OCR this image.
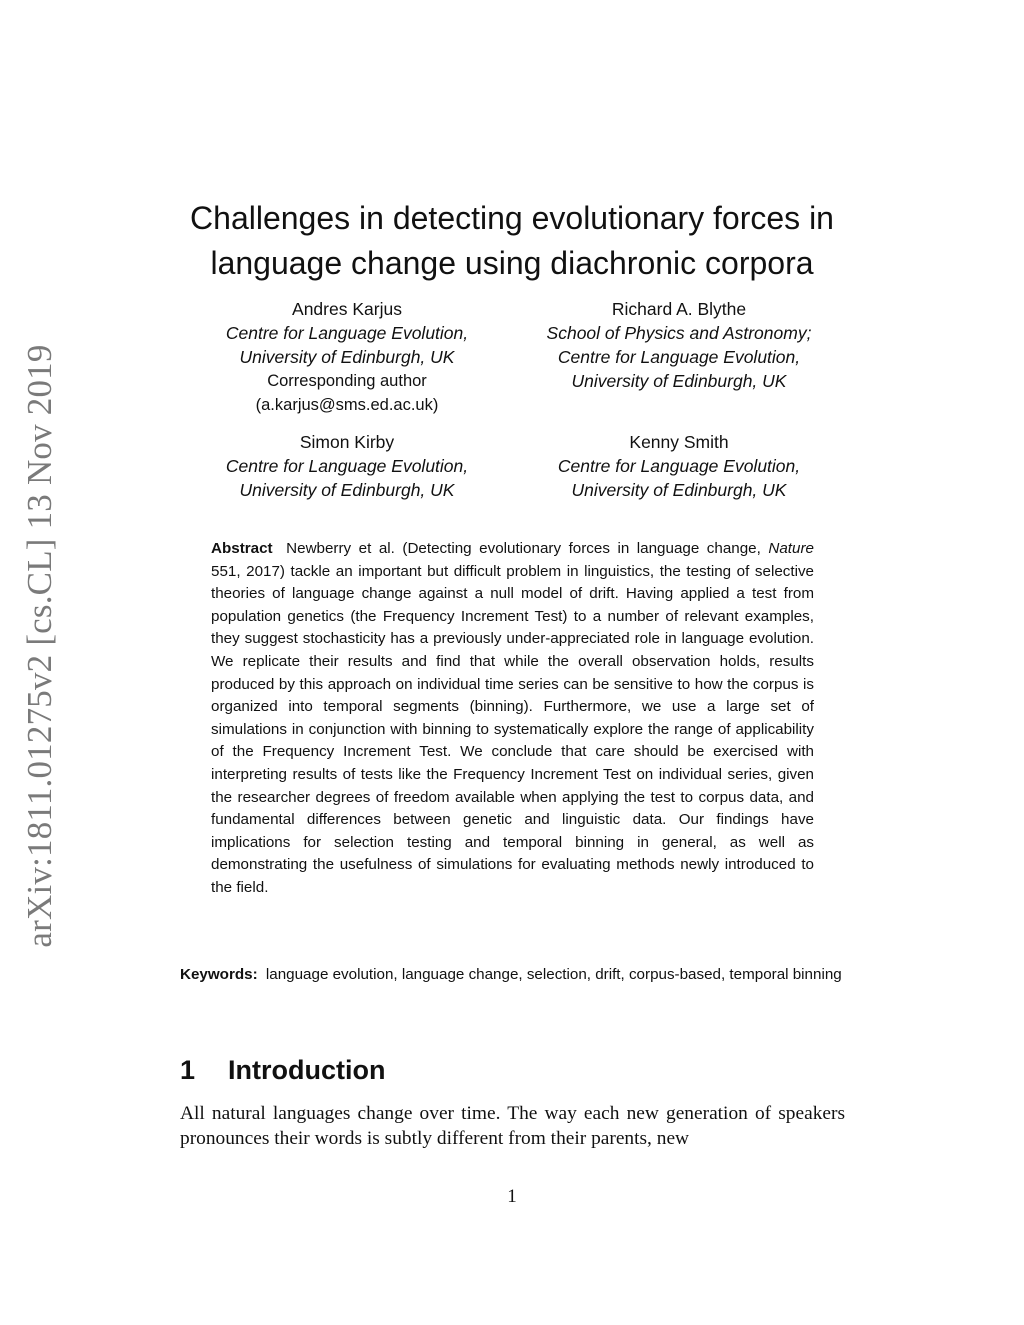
arXiv:1811.01275v2 [cs.CL] 13 Nov 2019
Challenges in detecting evolutionary forces in language change using diachronic corpora
Andres Karjus
Centre for Language Evolution,
University of Edinburgh, UK
Corresponding author
(a.karjus@sms.ed.ac.uk)
Richard A. Blythe
School of Physics and Astronomy;
Centre for Language Evolution,
University of Edinburgh, UK
Simon Kirby
Centre for Language Evolution,
University of Edinburgh, UK
Kenny Smith
Centre for Language Evolution,
University of Edinburgh, UK
Abstract Newberry et al. (Detecting evolutionary forces in language change, Nature 551, 2017) tackle an important but difficult problem in linguistics, the testing of selective theories of language change against a null model of drift. Having applied a test from population genetics (the Frequency Increment Test) to a number of relevant examples, they suggest stochasticity has a previously under-appreciated role in language evolution. We replicate their results and find that while the overall observation holds, results produced by this approach on individual time series can be sensitive to how the corpus is organized into temporal segments (binning). Furthermore, we use a large set of simulations in conjunction with binning to systematically explore the range of applicability of the Frequency Increment Test. We conclude that care should be exercised with interpreting results of tests like the Frequency Increment Test on individual series, given the researcher degrees of freedom available when applying the test to corpus data, and fundamental differences between genetic and linguistic data. Our findings have implications for selection testing and temporal binning in general, as well as demonstrating the usefulness of simulations for evaluating methods newly introduced to the field.
Keywords: language evolution, language change, selection, drift, corpus-based, temporal binning
1 Introduction

All natural languages change over time. The way each new generation of speakers pronounces their words is subtly different from their parents, new

1
